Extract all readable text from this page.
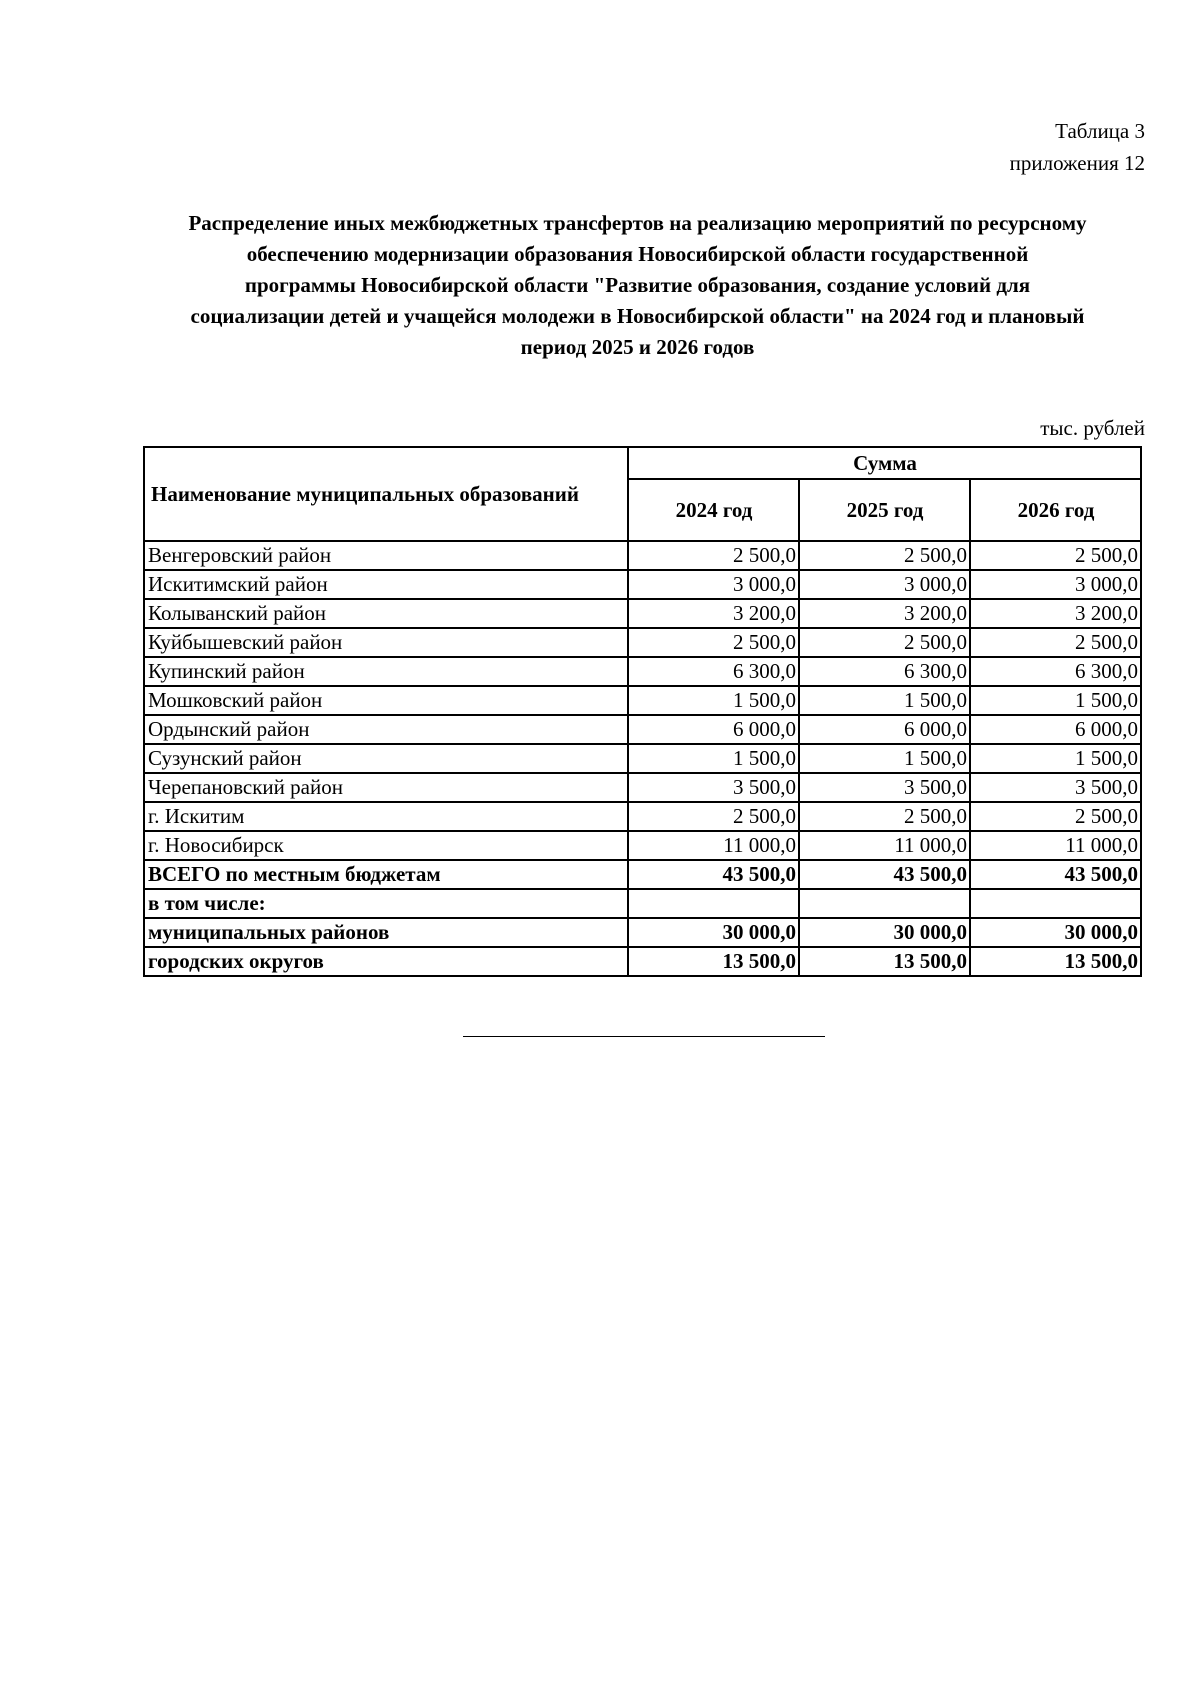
Таблица 3
приложения 12
Распределение иных межбюджетных трансфертов на реализацию мероприятий по ресурсному
обеспечению модернизации образования Новосибирской области государственной
программы Новосибирской области "Развитие образования, создание условий для
социализации детей и учащейся молодежи в Новосибирской области" на 2024 год и плановый
период 2025 и 2026 годов
тыс. рублей
Наименование муниципальных образований	Сумма		
	2024 год	2025 год	2026 год
Венгеровский район	2 500,0	2 500,0	2 500,0
Искитимский район	3 000,0	3 000,0	3 000,0
Колыванский район	3 200,0	3 200,0	3 200,0
Куйбышевский район	2 500,0	2 500,0	2 500,0
Купинский район	6 300,0	6 300,0	6 300,0
Мошковский район	1 500,0	1 500,0	1 500,0
Ордынский район	6 000,0	6 000,0	6 000,0
Сузунский район	1 500,0	1 500,0	1 500,0
Черепановский район	3 500,0	3 500,0	3 500,0
г. Искитим	2 500,0	2 500,0	2 500,0
г. Новосибирск	11 000,0	11 000,0	11 000,0
ВСЕГО по местным бюджетам	43 500,0	43 500,0	43 500,0
в том числе:			
муниципальных районов	30 000,0	30 000,0	30 000,0
городских округов	13 500,0	13 500,0	13 500,0
